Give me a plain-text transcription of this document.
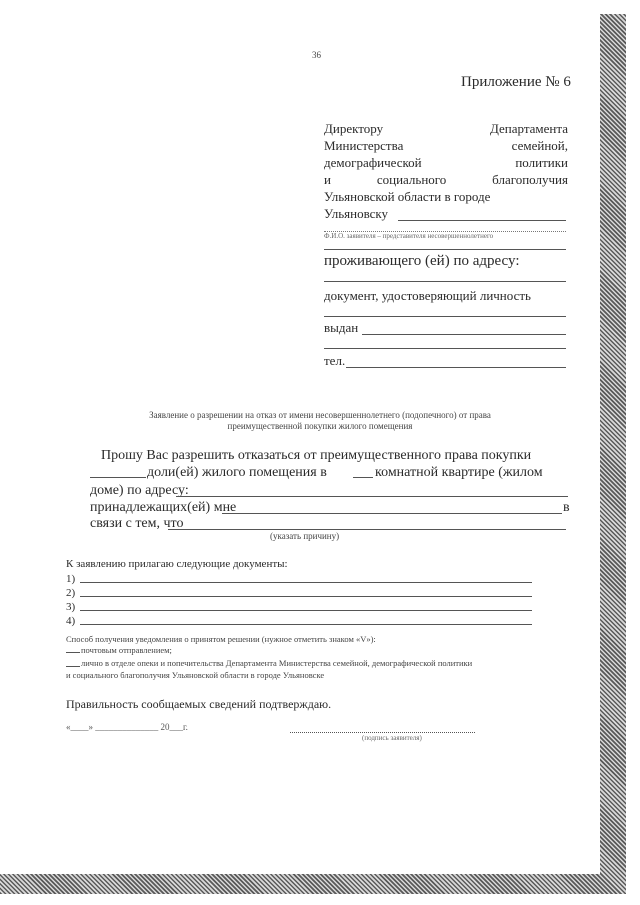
36
Приложение № 6
Директору	Департамента
Министерства	семейной,
демографической	политики
и	социального	благополучия
Ульяновской области в городе
Ульяновску
Ф.И.О. заявителя – представителя несовершеннолетнего
проживающего (ей) по адресу:
документ, удостоверяющий личность
выдан
тел.
Заявление о разрешении на отказ от имени несовершеннолетнего (подопечного) от права
преимущественной покупки жилого помещения
Прошу Вас разрешить отказаться от преимущественного права покупки
доли(ей) жилого помещения в	комнатной квартире (жилом
доме) по адресу:
принадлежащих(ей) мне	в
связи с тем, что
(указать причину)
К заявлению прилагаю следующие документы:
1)
2)
3)
4)
Способ получения уведомления о принятом решении (нужное отметить знаком «V»):
почтовым отправлением;
лично в отделе опеки и попечительства Департамента Министерства семейной, демографической политики
и социального благополучия Ульяновской области в городе Ульяновске
Правильность сообщаемых сведений подтверждаю.
«____» ______________ 20___г.
(подпись заявителя)
